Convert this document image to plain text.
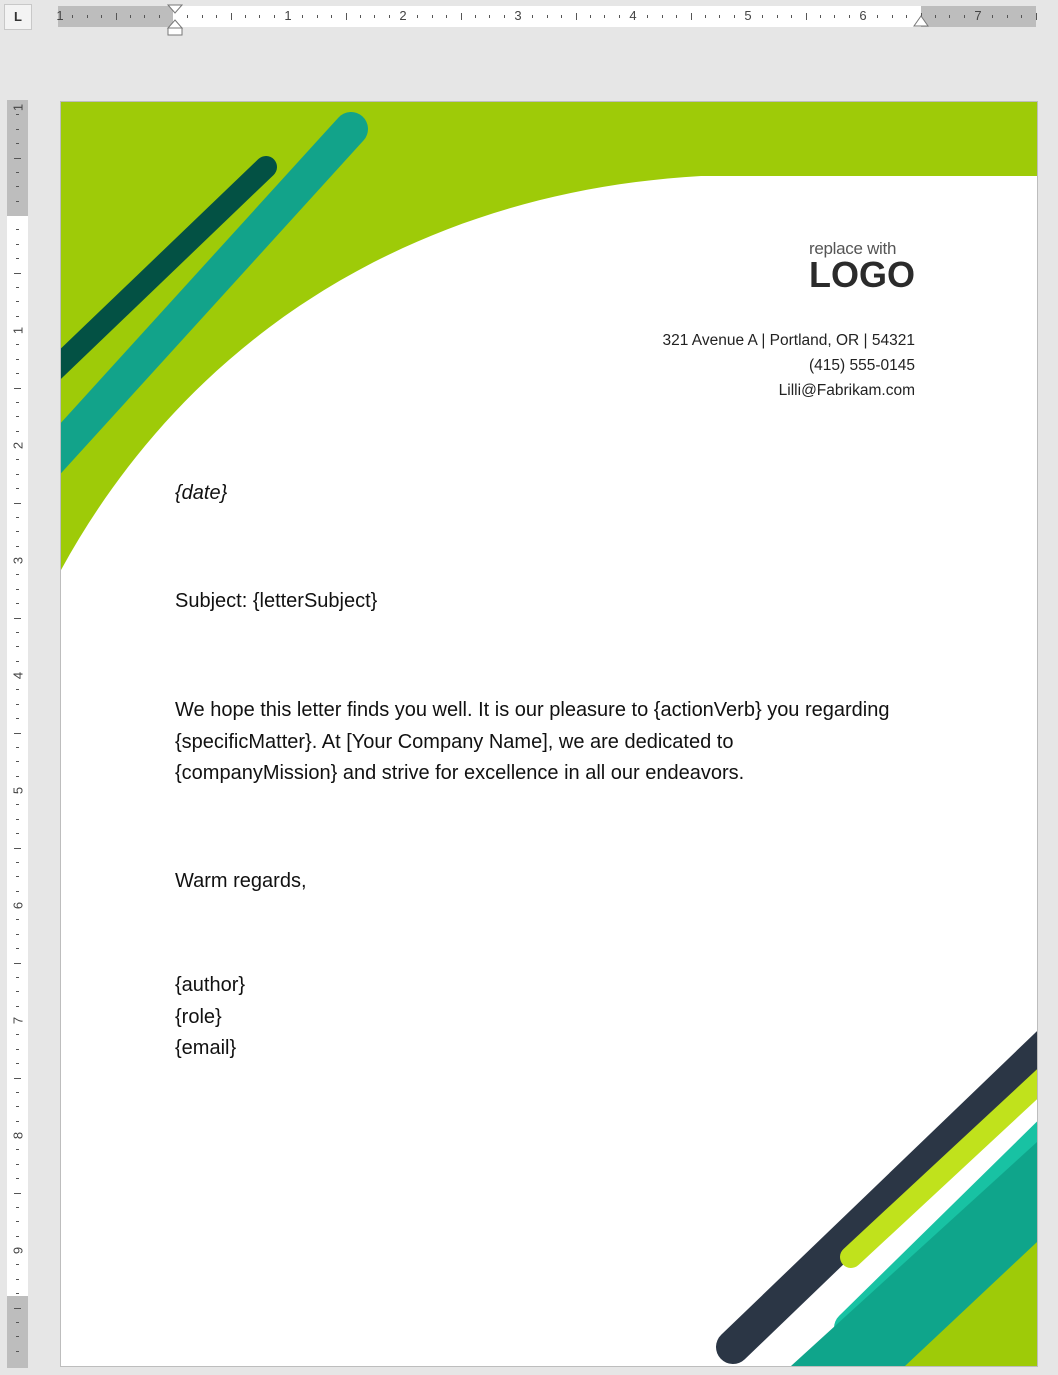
L	1	1	2	3	4	5	6	7
1
1
2
3
4
5
6
7
8
9
replace with
LOGO
321 Avenue A | Portland, OR | 54321
(415) 555-0145
Lilli@Fabrikam.com
{date}
Subject: {letterSubject}
We hope this letter finds you well. It is our pleasure to {actionVerb} you regarding
{specificMatter}. At [Your Company Name], we are dedicated to
{companyMission} and strive for excellence in all our endeavors.
Warm regards,
{author}
{role}
{email}
